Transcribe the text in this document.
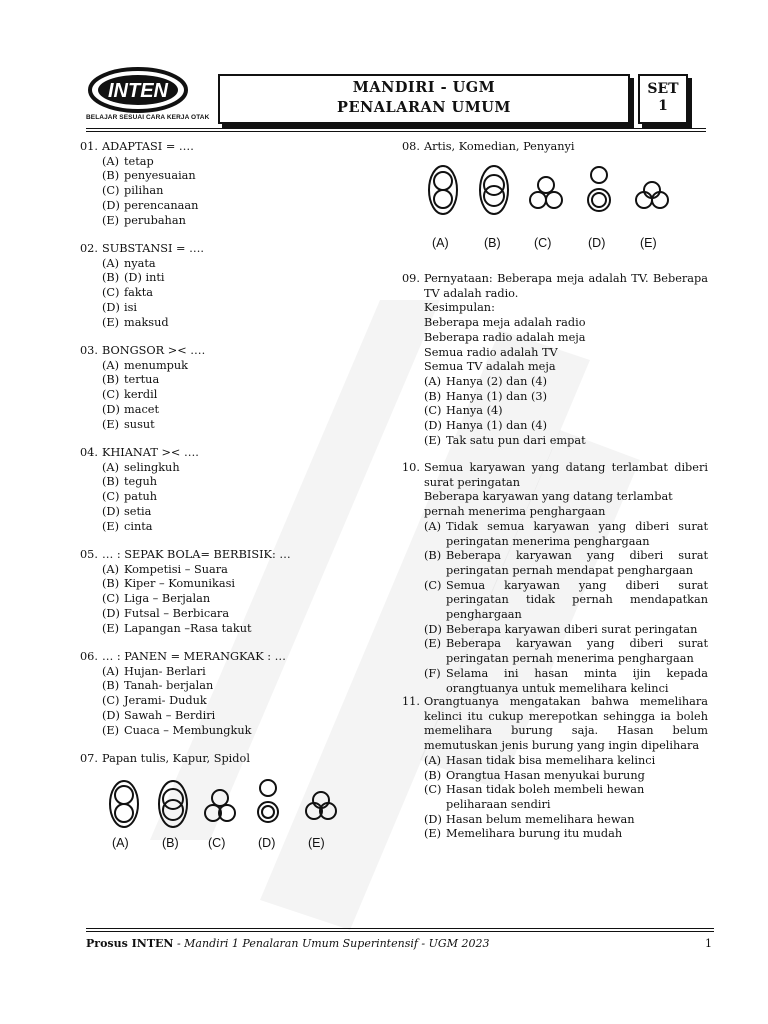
INTEN
BELAJAR SESUAI CARA KERJA OTAK
MANDIRI - UGM
PENALARAN UMUM
SET
1
01. ADAPTASI = ….
(A) tetap
(B) penyesuaian
(C) pilihan
(D) perencanaan
(E) perubahan
02. SUBSTANSI = ….
(A) nyata
(B) (D) inti
(C) fakta
(D) isi
(E) maksud
03. BONGSOR >< ….
(A) menumpuk
(B) tertua
(C) kerdil
(D) macet
(E) susut
04. KHIANAT >< ….
(A) selingkuh
(B) teguh
(C) patuh
(D) setia
(E) cinta
05. … : SEPAK BOLA= BERBISIK: …
(A) Kompetisi – Suara
(B) Kiper – Komunikasi
(C) Liga – Berjalan
(D) Futsal – Berbicara
(E) Lapangan –Rasa takut
06. … : PANEN = MERANGKAK : …
(A) Hujan- Berlari
(B) Tanah- berjalan
(C) Jerami- Duduk
(D) Sawah – Berdiri
(E) Cuaca – Membungkuk
07. Papan tulis, Kapur, Spidol
(A)	(B) (C)	(D)	(E)
08. Artis, Komedian, Penyanyi
(A)	(B)	(C)	(D)	(E)
09. Pernyataan: Beberapa meja adalah TV. Beberapa TV adalah radio.
Kesimpulan:
Beberapa meja adalah radio
Beberapa radio adalah meja
Semua radio adalah TV
Semua TV adalah meja
(A) Hanya (2) dan (4)
(B) Hanya (1) dan (3)
(C) Hanya (4)
(D) Hanya (1) dan (4)
(E) Tak satu pun dari empat
10. Semua karyawan yang datang terlambat diberi surat peringatan
Beberapa karyawan yang datang terlambat pernah menerima penghargaan
(A) Tidak semua karyawan yang diberi surat peringatan menerima penghargaan
(B) Beberapa karyawan yang diberi surat peringatan pernah mendapat penghargaan
(C) Semua karyawan yang diberi surat peringatan tidak pernah mendapatkan penghargaan
(D) Beberapa karyawan diberi surat peringatan
(E) Beberapa karyawan yang diberi surat peringatan pernah menerima penghargaan
(F) Selama ini hasan minta ijin kepada orangtuanya untuk memelihara kelinci
11. Orangtuanya mengatakan bahwa memelihara kelinci itu cukup merepotkan sehingga ia boleh memelihara burung saja. Hasan belum memutuskan jenis burung yang ingin dipelihara
(A) Hasan tidak bisa memelihara kelinci
(B) Orangtua Hasan menyukai burung
(C) Hasan tidak boleh membeli hewan peliharaan sendiri
(D) Hasan belum memelihara hewan
(E) Memelihara burung itu mudah
Prosus INTEN - Mandiri 1 Penalaran Umum Superintensif - UGM 2023	1
